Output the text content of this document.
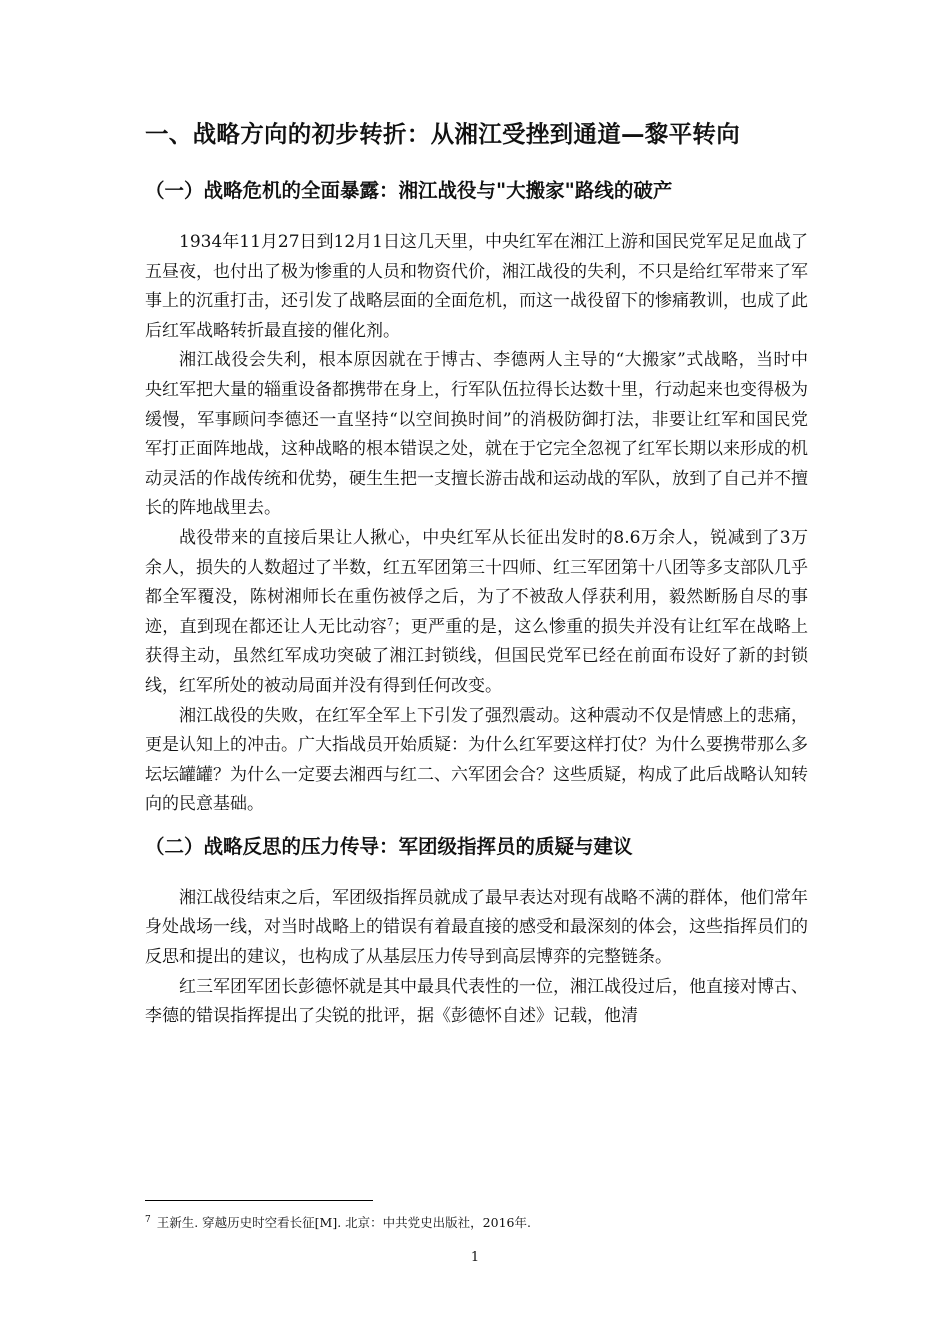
一、战略方向的初步转折：从湘江受挫到通道—黎平转向
（一）战略危机的全面暴露：湘江战役与"大搬家"路线的破产

1934年11月27日到12月1日这几天里，中央红军在湘江上游和国民党军足足血战了五昼夜，也付出了极为惨重的人员和物资代价，湘江战役的失利，不只是给红军带来了军事上的沉重打击，还引发了战略层面的全面危机，而这一战役留下的惨痛教训，也成了此后红军战略转折最直接的催化剂。

湘江战役会失利，根本原因就在于博古、李德两人主导的“大搬家”式战略，当时中央红军把大量的辎重设备都携带在身上，行军队伍拉得长达数十里，行动起来也变得极为缓慢，军事顾问李德还一直坚持“以空间换时间”的消极防御打法，非要让红军和国民党军打正面阵地战，这种战略的根本错误之处，就在于它完全忽视了红军长期以来形成的机动灵活的作战传统和优势，硬生生把一支擅长游击战和运动战的军队，放到了自己并不擅长的阵地战里去。

战役带来的直接后果让人揪心，中央红军从长征出发时的8.6万余人，锐减到了3万余人，损失的人数超过了半数，红五军团第三十四师、红三军团第十八团等多支部队几乎都全军覆没，陈树湘师长在重伤被俘之后，为了不被敌人俘获利用，毅然断肠自尽的事迹，直到现在都还让人无比动容$^7$；更严重的是，这么惨重的损失并没有让红军在战略上获得主动，虽然红军成功突破了湘江封锁线，但国民党军已经在前面布设好了新的封锁线，红军所处的被动局面并没有得到任何改变。

湘江战役的失败，在红军全军上下引发了强烈震动。这种震动不仅是情感上的悲痛，更是认知上的冲击。广大指战员开始质疑：为什么红军要这样打仗？为什么要携带那么多坛坛罐罐？为什么一定要去湘西与红二、六军团会合？这些质疑，构成了此后战略认知转向的民意基础。

（二）战略反思的压力传导：军团级指挥员的质疑与建议

湘江战役结束之后，军团级指挥员就成了最早表达对现有战略不满的群体，他们常年身处战场一线，对当时战略上的错误有着最直接的感受和最深刻的体会，这些指挥员们的反思和提出的建议，也构成了从基层压力传导到高层博弈的完整链条。

红三军团军团长彭德怀就是其中最具代表性的一位，湘江战役过后，他直接对博古、李德的错误指挥提出了尖锐的批评，据《彭德怀自述》记载，他清

$^7$ 王新生. 穿越历史时空看长征[M]. 北京：中共党史出版社，2016年.
1
